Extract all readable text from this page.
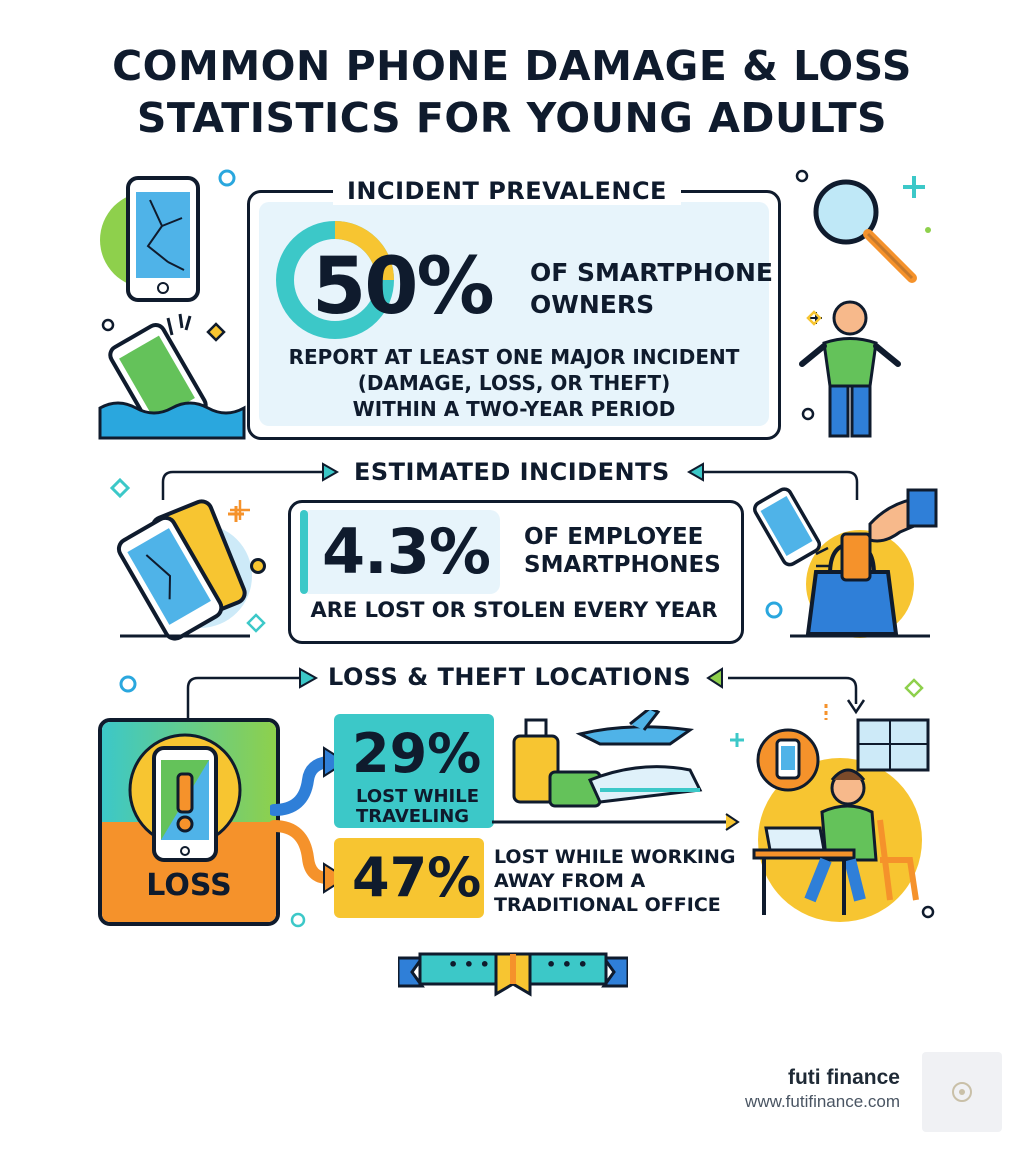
COMMON PHONE DAMAGE & LOSS
STATISTICS FOR YOUNG ADULTS
INCIDENT PREVALENCE
50% OF SMARTPHONE
OWNERS
REPORT AT LEAST ONE MAJOR INCIDENT
(DAMAGE, LOSS, OR THEFT)
WITHIN A TWO-YEAR PERIOD
ESTIMATED INCIDENTS
4.3% OF EMPLOYEE
SMARTPHONES
ARE LOST OR STOLEN EVERY YEAR
LOSS & THEFT LOCATIONS
LOSS
29%
LOST WHILE
TRAVELING
47% LOST WHILE WORKING
AWAY FROM A
TRADITIONAL OFFICE
• • •	• • •
futi finance
www.futifinance.com
